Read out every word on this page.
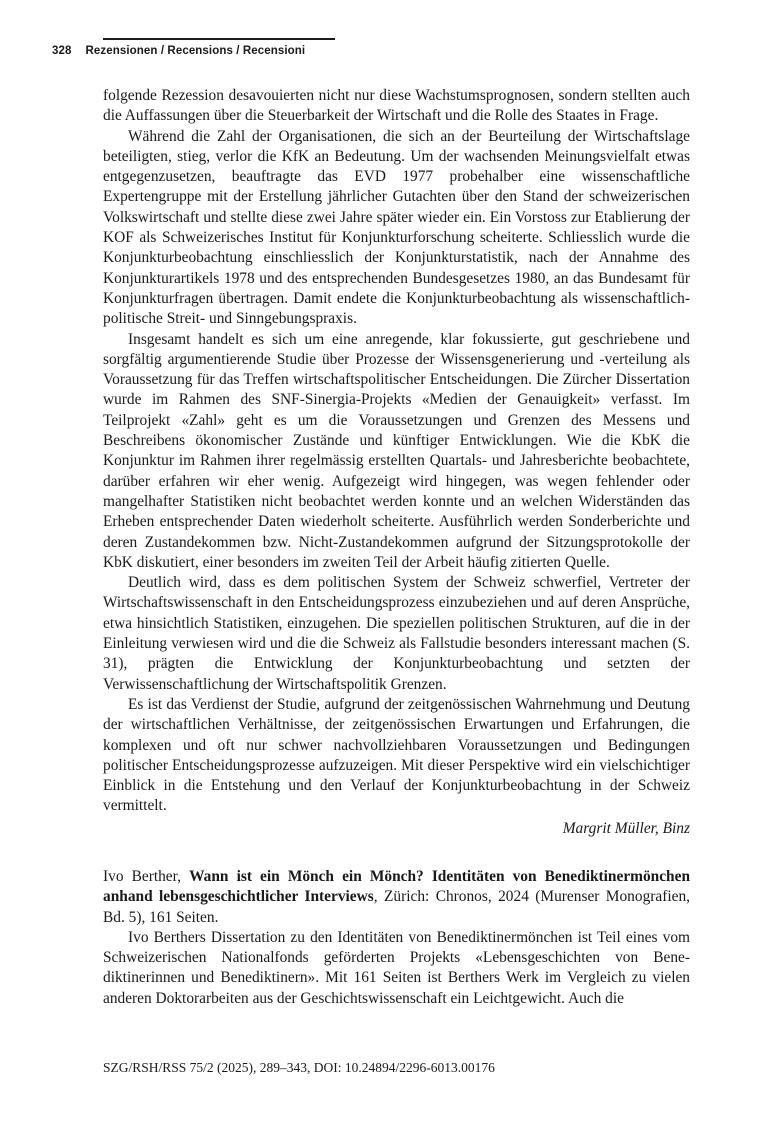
328 Rezensionen / Recensions / Recensioni

folgende Rezession desavouierten nicht nur diese Wachstumsprognosen, sondern stellten auch die Auffassungen über die Steuerbarkeit der Wirtschaft und die Rolle des Staates in Frage.

Während die Zahl der Organisationen, die sich an der Beurteilung der Wirtschaftslage beteiligten, stieg, verlor die KfK an Bedeutung. Um der wachsenden Meinungsvielfalt etwas entgegenzusetzen, beauftragte das EVD 1977 probehalber eine wissenschaftliche Expertengruppe mit der Erstellung jährlicher Gutachten über den Stand der schweizerischen Volkswirtschaft und stellte diese zwei Jahre später wieder ein. Ein Vorstoss zur Etablierung der KOF als Schweizerisches Institut für Konjunkturforschung scheiterte. Schliesslich wurde die Konjunkturbeobachtung einschliesslich der Konjunkturstatistik, nach der Annahme des Konjunkturartikels 1978 und des entsprechenden Bundesgesetzes 1980, an das Bundesamt für Konjunkturfragen übertragen. Damit endete die Konjunkturbeobachtung als wissenschaftlich-politische Streit- und Sinngebungspraxis.

Insgesamt handelt es sich um eine anregende, klar fokussierte, gut geschriebene und sorgfältig argumentierende Studie über Prozesse der Wissensgenerierung und -verteilung als Voraussetzung für das Treffen wirtschaftspolitischer Entscheidungen. Die Zürcher Dissertation wurde im Rahmen des SNF-Sinergia-Projekts «Medien der Genauigkeit» verfasst. Im Teilprojekt «Zahl» geht es um die Voraussetzungen und Grenzen des Messens und Beschreibens ökonomischer Zustände und künftiger Entwicklungen. Wie die KbK die Konjunktur im Rahmen ihrer regelmässig erstellten Quartals- und Jahresberichte beobachtete, darüber erfahren wir eher wenig. Aufgezeigt wird hingegen, was wegen fehlender oder mangelhafter Statistiken nicht beobachtet werden konnte und an welchen Widerständen das Erheben entsprechender Daten wiederholt scheiterte. Ausführlich werden Sonderberichte und deren Zustandekommen bzw. Nicht-Zustandekommen aufgrund der Sitzungsprotokolle der KbK diskutiert, einer besonders im zweiten Teil der Arbeit häufig zitierten Quelle.

Deutlich wird, dass es dem politischen System der Schweiz schwerfiel, Vertreter der Wirtschaftswissenschaft in den Entscheidungsprozess einzubeziehen und auf deren Ansprüche, etwa hinsichtlich Statistiken, einzugehen. Die speziellen politischen Strukturen, auf die in der Einleitung verwiesen wird und die die Schweiz als Fallstudie besonders interessant machen (S. 31), prägten die Entwicklung der Konjunkturbeobachtung und setzten der Verwissenschaftlichung der Wirtschaftspolitik Grenzen.

Es ist das Verdienst der Studie, aufgrund der zeitgenössischen Wahrnehmung und Deutung der wirtschaftlichen Verhältnisse, der zeitgenössischen Erwartungen und Erfahrungen, die komplexen und oft nur schwer nachvollziehbaren Voraussetzungen und Bedingungen politischer Entscheidungsprozesse aufzuzeigen. Mit dieser Perspektive wird ein vielschichtiger Einblick in die Entstehung und den Verlauf der Konjunkturbeobachtung in der Schweiz vermittelt.

Margrit Müller, Binz

Ivo Berther, Wann ist ein Mönch ein Mönch? Identitäten von Benediktinermönchen anhand lebensgeschichtlicher Interviews, Zürich: Chronos, 2024 (Murenser Monografien, Bd. 5), 161 Seiten.

Ivo Berthers Dissertation zu den Identitäten von Benediktinermönchen ist Teil eines vom Schweizerischen Nationalfonds geförderten Projekts «Lebensgeschichten von Benediktinerinnen und Benediktinern». Mit 161 Seiten ist Berthers Werk im Vergleich zu vielen anderen Doktorarbeiten aus der Geschichtswissenschaft ein Leichtgewicht. Auch die

SZG/RSH/RSS 75/2 (2025), 289–343, DOI: 10.24894/2296-6013.00176
